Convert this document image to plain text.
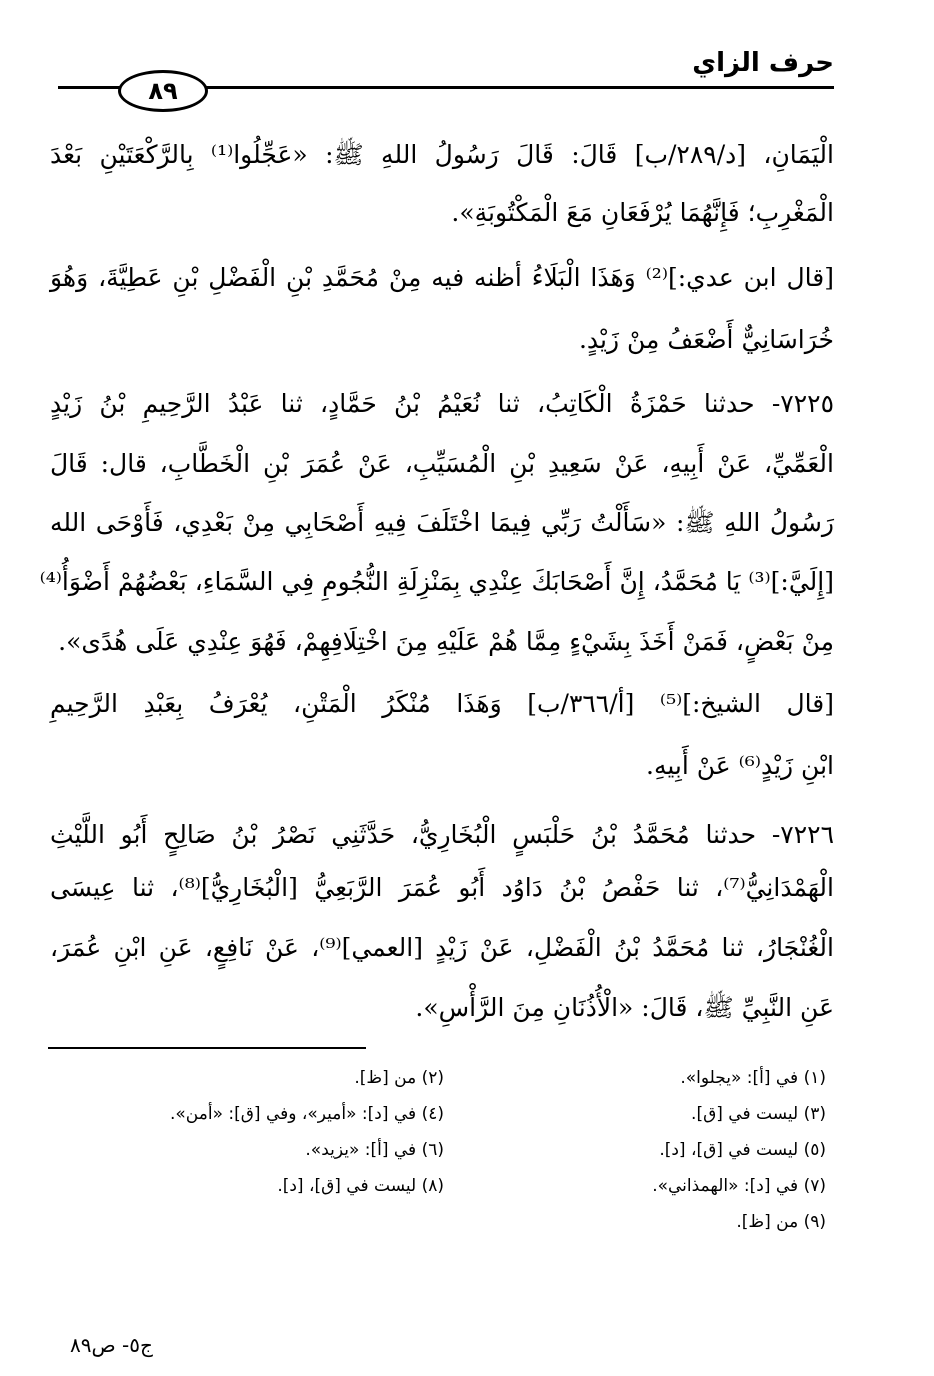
حرف الزاي
٨٩
الْيَمَانِ، [د/٢٨٩/ب] قَالَ: قَالَ رَسُولُ اللهِ ﷺ: «عَجِّلُوا⁽¹⁾ بِالرَّكْعَتَيْنِ بَعْدَ
الْمَغْرِبِ؛ فَإِنَّهُمَا يُرْفَعَانِ مَعَ الْمَكْتُوبَةِ».
[قال ابن عدي:]⁽²⁾ وَهَذَا الْبَلَاءُ أظنه فيه مِنْ مُحَمَّدِ بْنِ الْفَضْلِ بْنِ عَطِيَّةَ، وَهُوَ
خُرَاسَانِيٌّ أَضْعَفُ مِنْ زَيْدٍ.
٧٢٢٥- حدثنا حَمْزَةُ الْكَاتِبُ، ثنا نُعَيْمُ بْنُ حَمَّادٍ، ثنا عَبْدُ الرَّحِيمِ بْنُ زَيْدٍ
الْعَمِّيِّ، عَنْ أَبِيهِ، عَنْ سَعِيدِ بْنِ الْمُسَيِّبِ، عَنْ عُمَرَ بْنِ الْخَطَّابِ، قال: قَالَ
رَسُولُ اللهِ ﷺ: «سَأَلْتُ رَبِّي فِيمَا اخْتَلَفَ فِيهِ أَصْحَابِي مِنْ بَعْدِي، فَأَوْحَى الله
[إِلَيَّ:]⁽³⁾ يَا مُحَمَّدُ، إِنَّ أَصْحَابَكَ عِنْدِي بِمَنْزِلَةِ النُّجُومِ فِي السَّمَاءِ، بَعْضُهُمْ أَضْوَأُ⁽⁴⁾
مِنْ بَعْضٍ، فَمَنْ أَخَذَ بِشَيْءٍ مِمَّا هُمْ عَلَيْهِ مِنَ اخْتِلَافِهِمْ، فَهُوَ عِنْدِي عَلَى هُدًى».
[قال الشيخ:]⁽⁵⁾ [أ/٣٦٦/ب] وَهَذَا مُنْكَرُ الْمَتْنِ، يُعْرَفُ بِعَبْدِ الرَّحِيمِ
ابْنِ زَيْدٍ⁽⁶⁾ عَنْ أَبِيهِ.
٧٢٢٦- حدثنا مُحَمَّدُ بْنُ حَلْبَسٍ الْبُخَارِيُّ، حَدَّثَنِي نَصْرُ بْنُ صَالِحٍ أَبُو اللَّيْثِ
الْهَمْدَانِيُّ⁽⁷⁾، ثنا حَفْصُ بْنُ دَاوُد أَبُو عُمَرَ الرَّبَعِيُّ [الْبُخَارِيُّ]⁽⁸⁾، ثنا عِيسَى
الْغُنْجَارُ، ثنا مُحَمَّدُ بْنُ الْفَضْلِ، عَنْ زَيْدٍ [العمي]⁽⁹⁾، عَنْ نَافِعٍ، عَنِ ابْنِ عُمَرَ،
عَنِ النَّبِيِّ ﷺ، قَالَ: «الْأُذُنَانِ مِنَ الرَّأْسِ».
(١) في [أ]: «يجلوا».
(٣) ليست في [ق].
(٥) ليست في [ق]، [د].
(٧) في [د]: «الهمذاني».
(٩) من [ظ].
(٢) من [ظ].
(٤) في [د]: «أمير»، وفي [ق]: «أمن».
(٦) في [أ]: «يزيد».
(٨) ليست في [ق]، [د].
ج٥- ص٨٩
